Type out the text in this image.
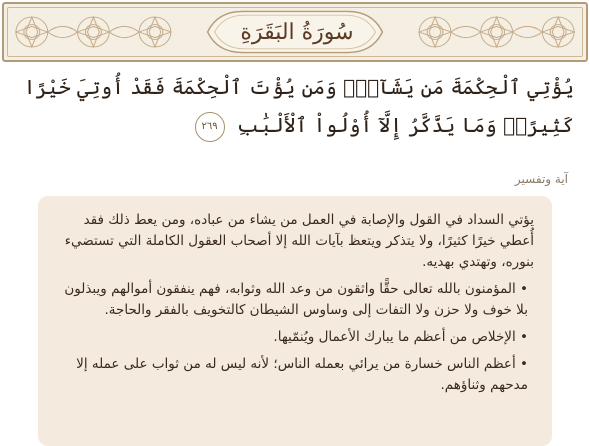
سُورَةُ البَقَرَةِ
يُؤْتِي ٱلْحِكْمَةَ مَن يَشَآءُۚ وَمَن يُؤْتَ ٱلْحِكْمَةَ فَقَدْ أُوتِيَ خَيْرًا كَثِيرًاۗ وَمَا يَذَّكَّرُ إِلَّآ أُوْلُواْ ٱلْأَلْبَٰبِ ٢٦٩
آية وتفسير

يؤتي السداد في القول والإصابة في العمل من يشاء من عباده، ومن يعط ذلك فقد أُعطي خيرًا كثيرًا، ولا يتذكر ويتعظ بآيات الله إلا أصحاب العقول الكاملة التي تستضيء بنوره، وتهتدي بهديه.

• المؤمنون بالله تعالى حقًّا واثقون من وعد الله وثوابه، فهم ينفقون أموالهم ويبذلون بلا خوف ولا حزن ولا التفات إلى وساوس الشيطان كالتخويف بالفقر والحاجة.

• الإخلاص من أعظم ما يبارك الأعمال ويُنمّيها.

• أعظم الناس خسارة من يرائي بعمله الناس؛ لأنه ليس له من ثواب على عمله إلا مدحهم وثناؤهم.
